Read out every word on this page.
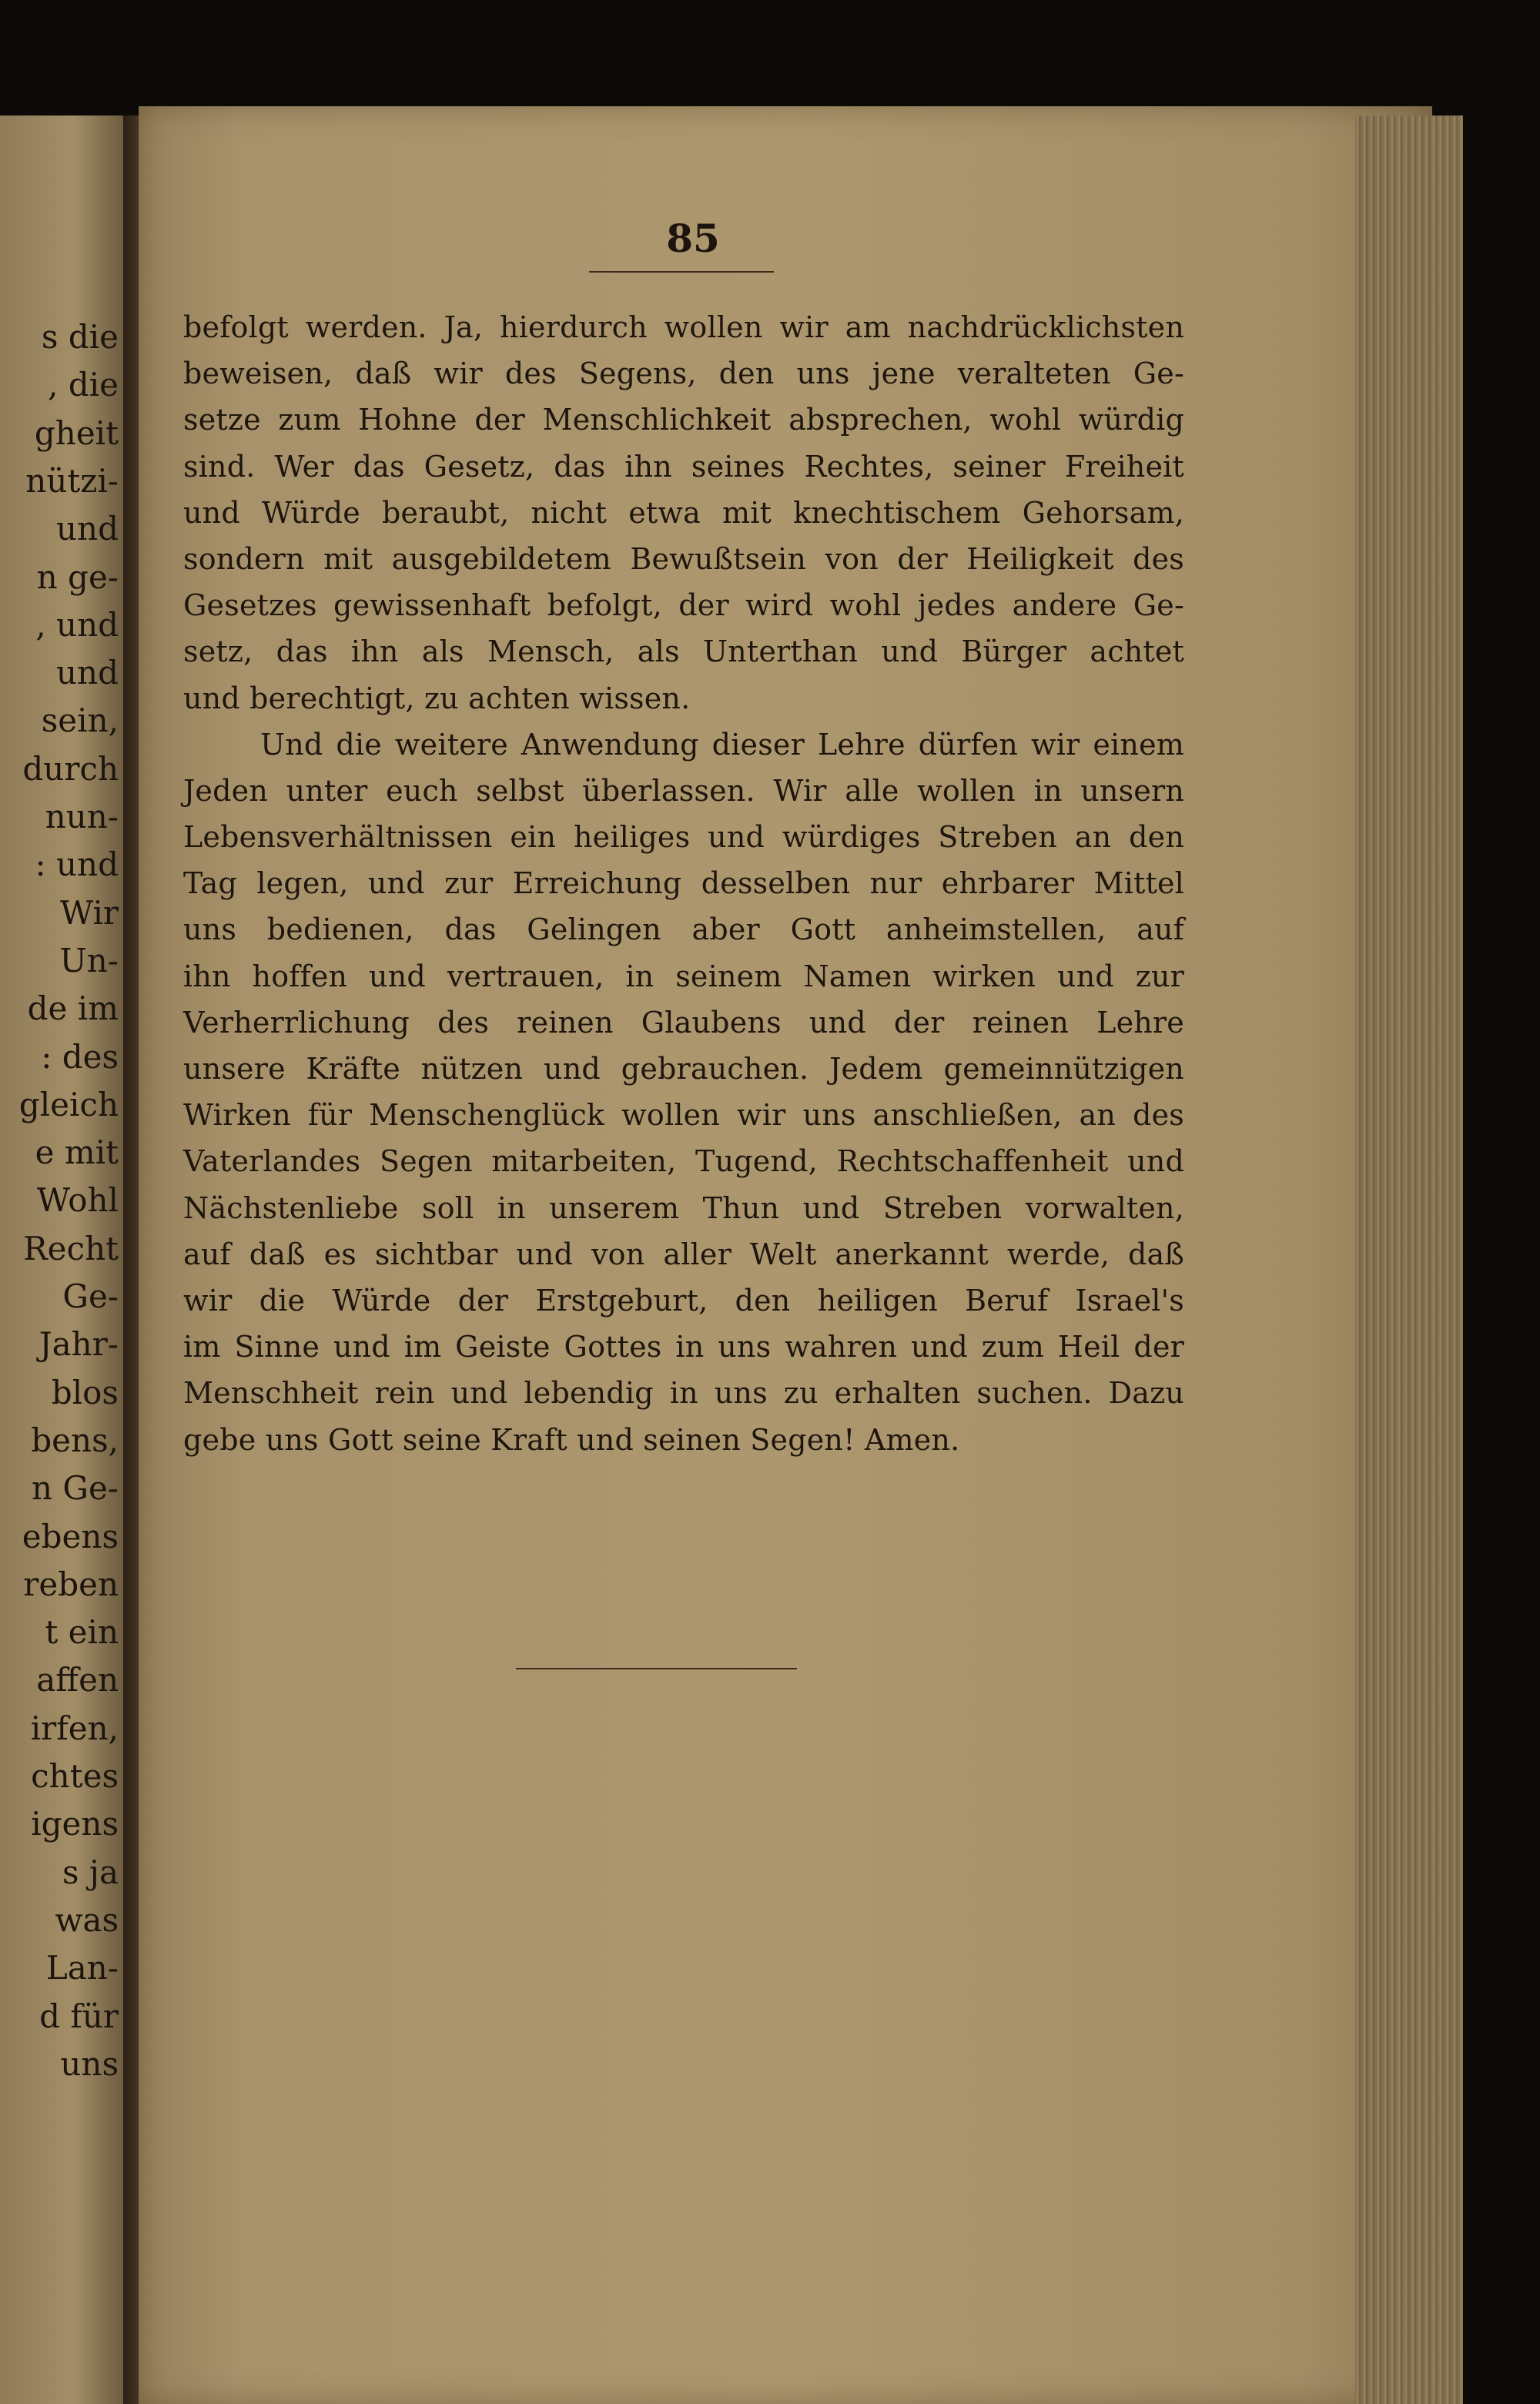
s die
, die
gheit
nützi-
und
n ge-
, und
und
sein,
durch
nun-
: und
Wir
Un-
de im
: des
gleich
e mit
Wohl
Recht
Ge-
Jahr-
blos
bens,
n Ge-
ebens
reben
t ein
affen
irfen,
chtes
igens
s ja
was
Lan-
d für
uns
85
befolgt werden. Ja, hierdurch wollen wir am nachdrücklichsten
beweisen, daß wir des Segens, den uns jene veralteten Ge-
setze zum Hohne der Menschlichkeit absprechen, wohl würdig
sind. Wer das Gesetz, das ihn seines Rechtes, seiner Freiheit
und Würde beraubt, nicht etwa mit knechtischem Gehorsam,
sondern mit ausgebildetem Bewußtsein von der Heiligkeit des
Gesetzes gewissenhaft befolgt, der wird wohl jedes andere Ge-
setz, das ihn als Mensch, als Unterthan und Bürger achtet
und berechtigt, zu achten wissen.
Und die weitere Anwendung dieser Lehre dürfen wir einem
Jeden unter euch selbst überlassen. Wir alle wollen in unsern
Lebensverhältnissen ein heiliges und würdiges Streben an den
Tag legen, und zur Erreichung desselben nur ehrbarer Mittel
uns bedienen, das Gelingen aber Gott anheimstellen, auf
ihn hoffen und vertrauen, in seinem Namen wirken und zur
Verherrlichung des reinen Glaubens und der reinen Lehre
unsere Kräfte nützen und gebrauchen. Jedem gemeinnützigen
Wirken für Menschenglück wollen wir uns anschließen, an des
Vaterlandes Segen mitarbeiten, Tugend, Rechtschaffenheit und
Nächstenliebe soll in unserem Thun und Streben vorwalten,
auf daß es sichtbar und von aller Welt anerkannt werde, daß
wir die Würde der Erstgeburt, den heiligen Beruf Israel's
im Sinne und im Geiste Gottes in uns wahren und zum Heil der
Menschheit rein und lebendig in uns zu erhalten suchen. Dazu
gebe uns Gott seine Kraft und seinen Segen! Amen.
